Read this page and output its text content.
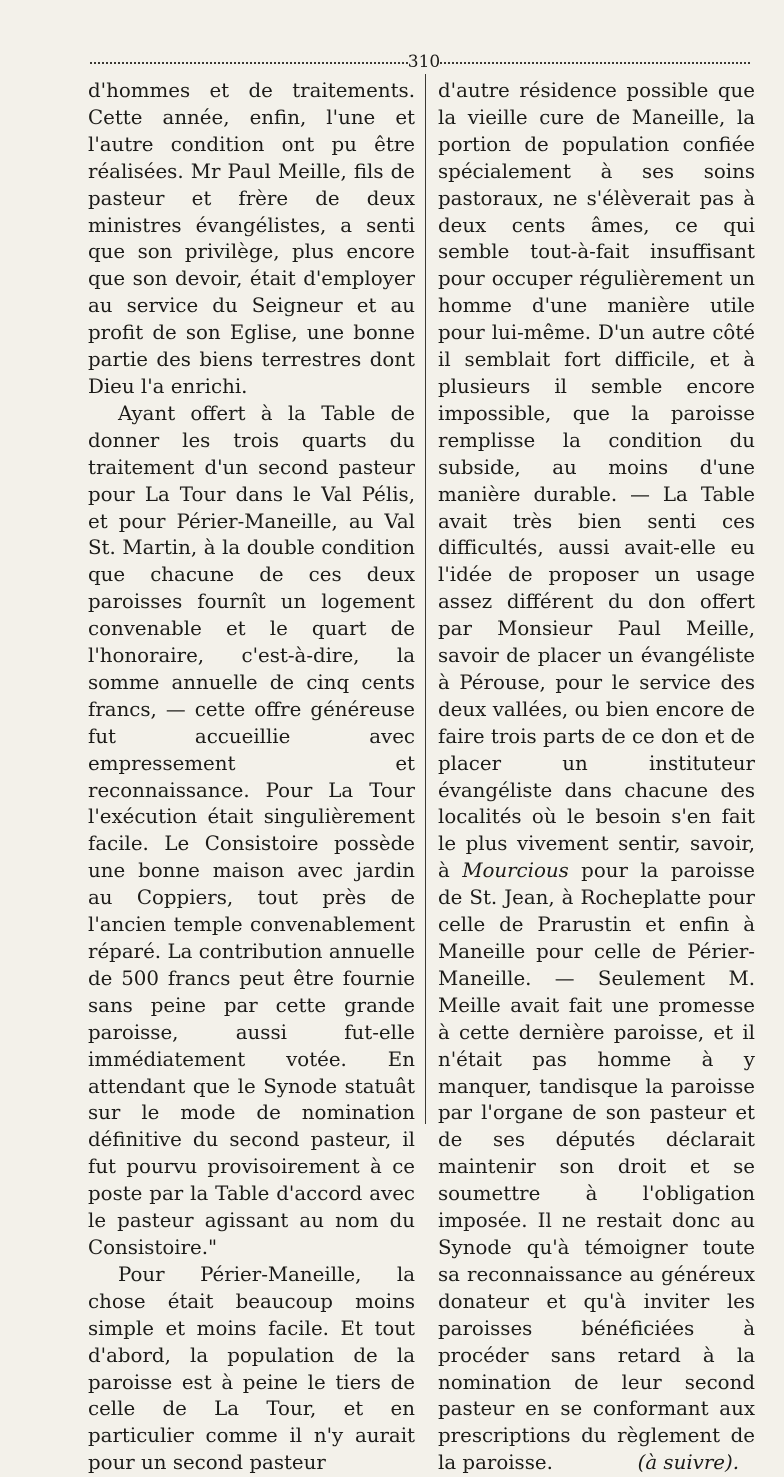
310

d'hommes et de traitements. Cette année, enfin, l'une et l'autre condition ont pu être réalisées. Mr Paul Meille, fils de pasteur et frère de deux ministres évangélistes, a senti que son privilège, plus encore que son devoir, était d'employer au service du Seigneur et au profit de son Eglise, une bonne partie des biens terrestres dont Dieu l'a enrichi.

Ayant offert à la Table de donner les trois quarts du traitement d'un second pasteur pour La Tour dans le Val Pélis, et pour Périer-Maneille, au Val St. Martin, à la double condition que chacune de ces deux paroisses fournît un logement convenable et le quart de l'honoraire, c'est-à-dire, la somme annuelle de cinq cents francs, — cette offre généreuse fut accueillie avec empressement et reconnaissance. Pour La Tour l'exécution était singulièrement facile. Le Consistoire possède une bonne maison avec jardin au Coppiers, tout près de l'ancien temple convenablement réparé. La contribution annuelle de 500 francs peut être fournie sans peine par cette grande paroisse, aussi fut-elle immédiatement votée. En attendant que le Synode statuât sur le mode de nomination définitive du second pasteur, il fut pourvu provisoirement à ce poste par la Table d'accord avec le pasteur agissant au nom du Consistoire."

Pour Périer-Maneille, la chose était beaucoup moins simple et moins facile. Et tout d'abord, la population de la paroisse est à peine le tiers de celle de La Tour, et en particulier comme il n'y aurait pour un second pasteur

d'autre résidence possible que la vieille cure de Maneille, la portion de population confiée spécialement à ses soins pastoraux, ne s'élèverait pas à deux cents âmes, ce qui semble tout-à-fait insuffisant pour occuper régulièrement un homme d'une manière utile pour lui-même. D'un autre côté il semblait fort difficile, et à plusieurs il semble encore impossible, que la paroisse remplisse la condition du subside, au moins d'une manière durable. — La Table avait très bien senti ces difficultés, aussi avait-elle eu l'idée de proposer un usage assez différent du don offert par Monsieur Paul Meille, savoir de placer un évangéliste à Pérouse, pour le service des deux vallées, ou bien encore de faire trois parts de ce don et de placer un instituteur évangéliste dans chacune des localités où le besoin s'en fait le plus vivement sentir, savoir, à Mourcious pour la paroisse de St. Jean, à Rocheplatte pour celle de Prarustin et enfin à Maneille pour celle de Périer-Maneille. — Seulement M. Meille avait fait une promesse à cette dernière paroisse, et il n'était pas homme à y manquer, tandisque la paroisse par l'organe de son pasteur et de ses députés déclarait maintenir son droit et se soumettre à l'obligation imposée. Il ne restait donc au Synode qu'à témoigner toute sa reconnaissance au généreux donateur et qu'à inviter les paroisses bénéficiées à procéder sans retard à la nomination de leur second pasteur en se conformant aux prescriptions du règlement de la paroisse.	(à suivre).
